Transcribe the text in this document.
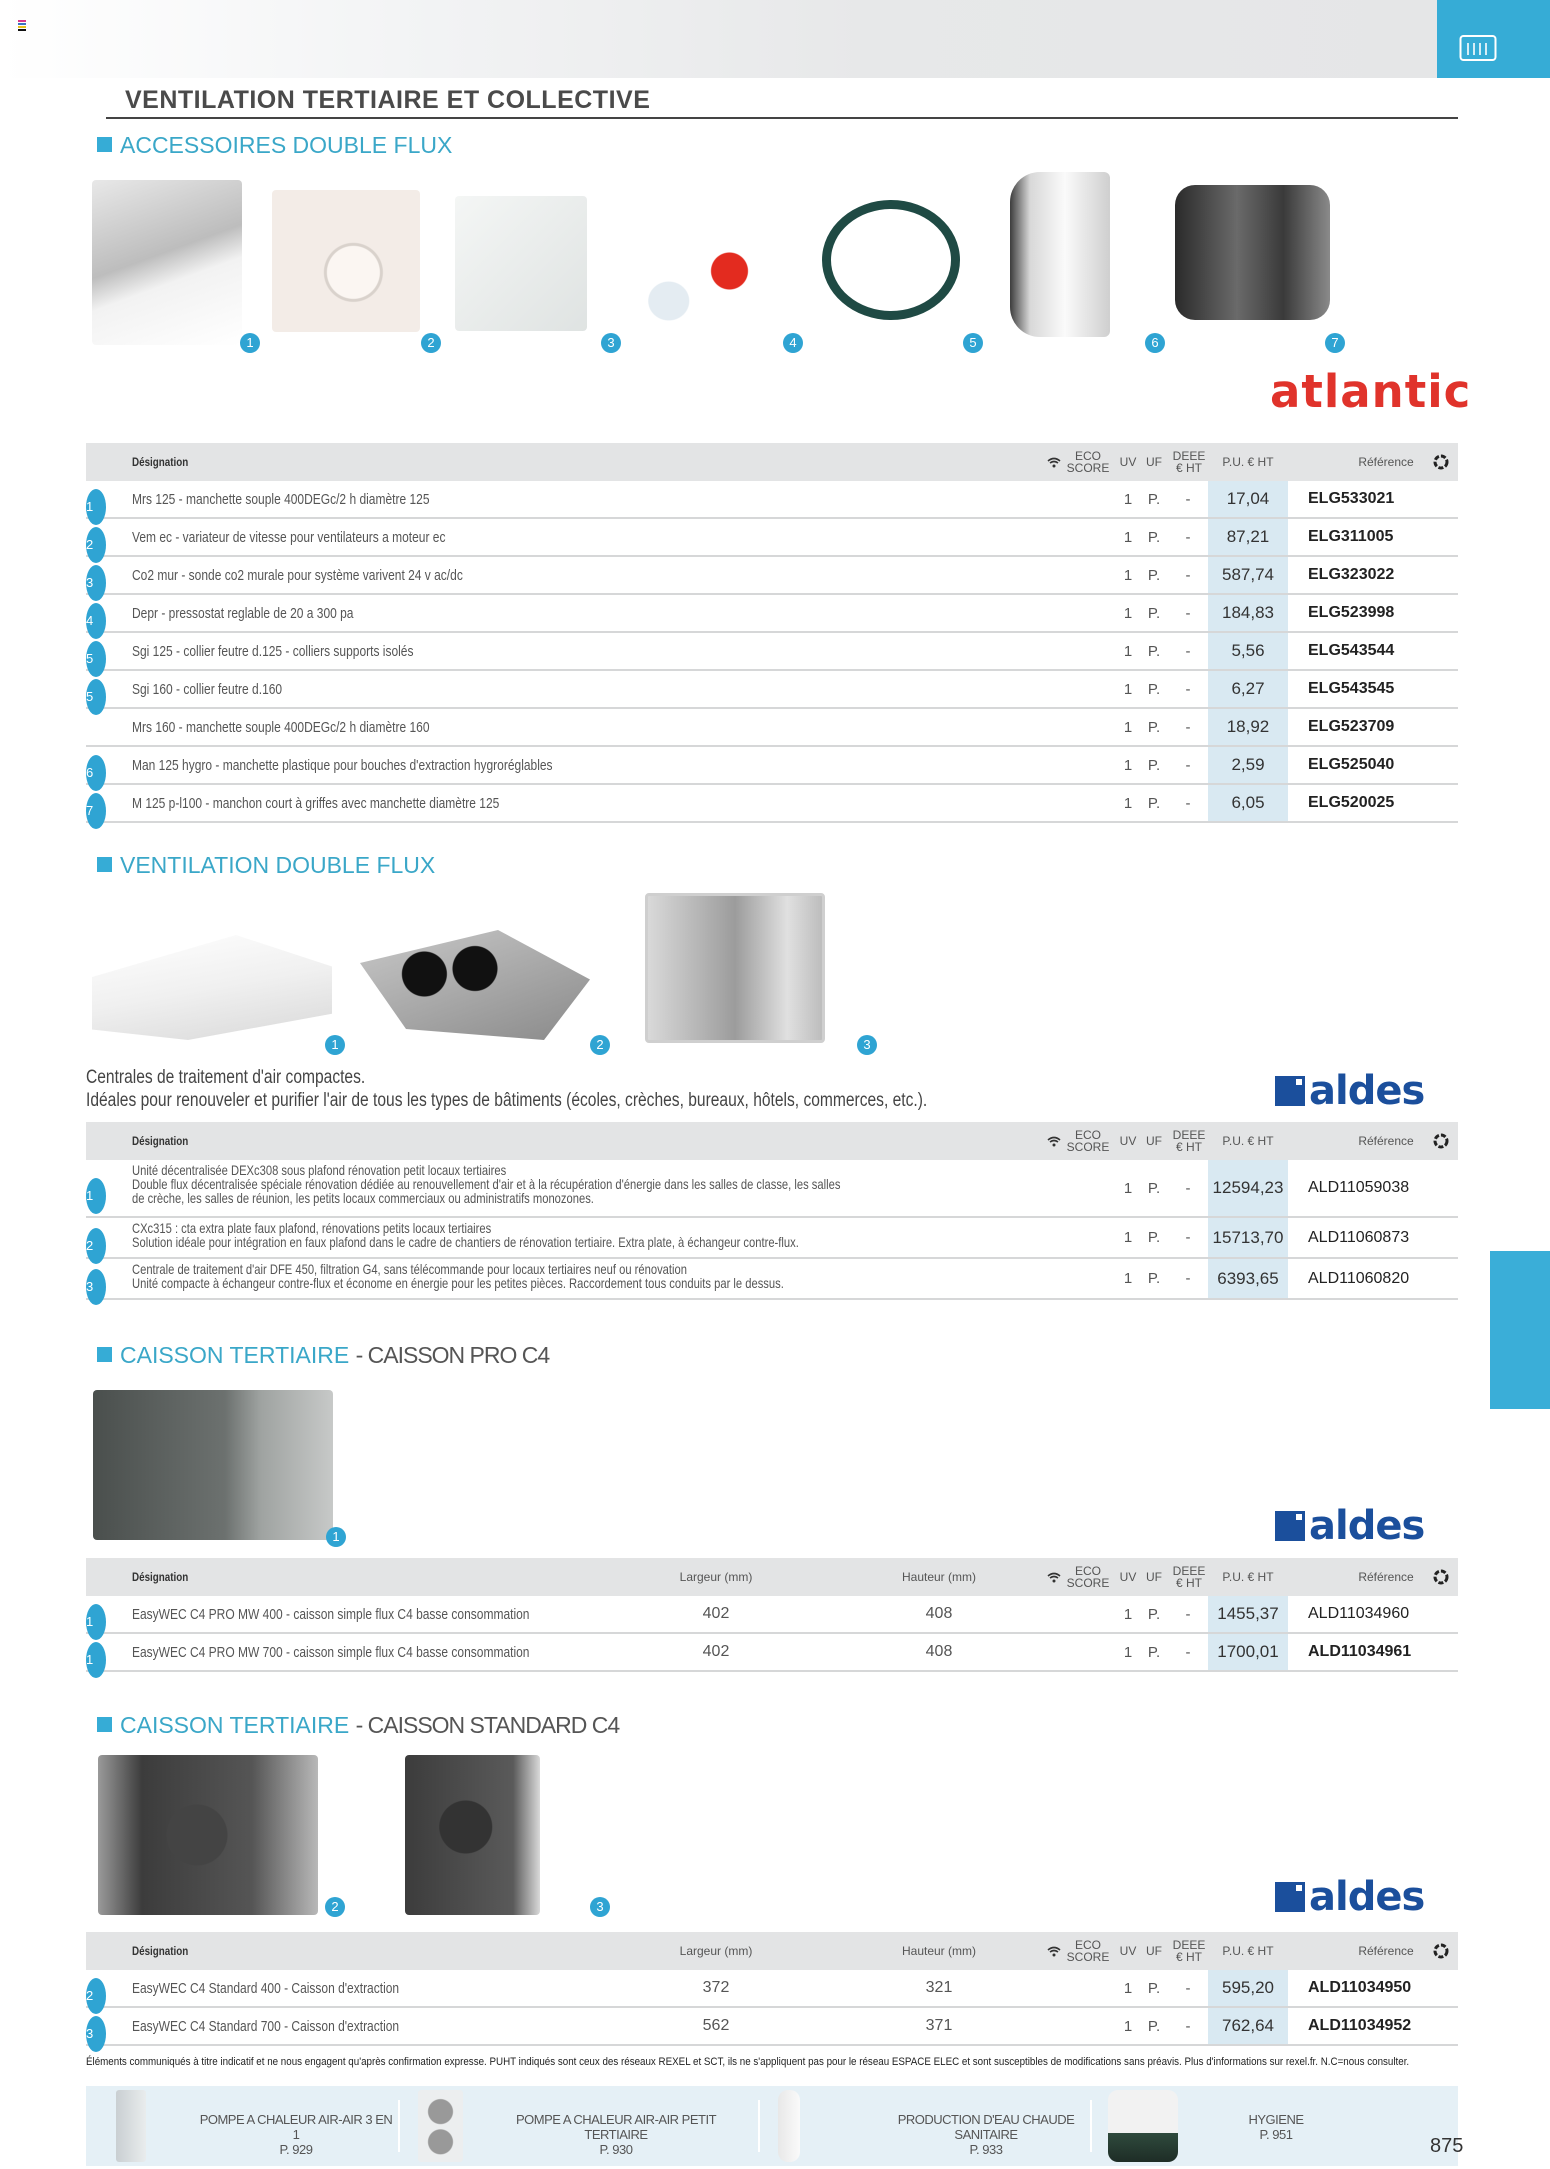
VENTILATION TERTIAIRE ET COLLECTIVE
ACCESSOIRES DOUBLE FLUX
1	2	3	4	5	6	7
atlantic
Désignation	ECO SCORE UV UF DEEE € HT	P.U. € HT	Référence
1	Mrs 125 - manchette souple 400DEGc/2 h diamètre 125	1	P.	-	17,04	ELG533021
2	Vem ec - variateur de vitesse pour ventilateurs a moteur ec	1	P.	-	87,21	ELG311005
3	Co2 mur - sonde co2 murale pour système varivent 24 v ac/dc	1	P.	-	587,74	ELG323022
4	Depr - pressostat reglable de 20 a 300 pa	1	P.	-	184,83	ELG523998
5	Sgi 125 - collier feutre d.125 - colliers supports isolés	1	P.	-	5,56	ELG543544
5	Sgi 160 - collier feutre d.160	1	P.	-	6,27	ELG543545
Mrs 160 - manchette souple 400DEGc/2 h diamètre 160	1	P.	-	18,92	ELG523709
6	Man 125 hygro - manchette plastique pour bouches d'extraction hygroréglables	1	P.	-	2,59	ELG525040
7	M 125 p-l100 - manchon court à griffes avec manchette diamètre 125	1	P.	-	6,05	ELG520025
VENTILATION DOUBLE FLUX
1	2	3
Centrales de traitement d'air compactes.
Idéales pour renouveler et purifier l'air de tous les types de bâtiments (écoles, crèches, bureaux, hôtels, commerces, etc.).	aldes
Désignation	ECO SCORE UV UF DEEE € HT	P.U. € HT	Référence
1
Unité décentralisée DEXc308 sous plafond rénovation petit locaux tertiaires
Double flux décentralisée spéciale rénovation dédiée au renouvellement d'air et à la récupération d'énergie dans les salles de classe, les salles de crèche, les salles de réunion, les petits locaux commerciaux ou administratifs monozones.
1	P.	-	12594,23	ALD11059038
2
CXc315 : cta extra plate faux plafond, rénovations petits locaux tertiaires
Solution idéale pour intégration en faux plafond dans le cadre de chantiers de rénovation tertiaire. Extra plate, à échangeur contre-flux.	1	P.	-	15713,70	ALD11060873
3
Centrale de traitement d'air DFE 450, filtration G4, sans télécommande pour locaux tertiaires neuf ou rénovation
Unité compacte à échangeur contre-flux et économe en énergie pour les petites pièces. Raccordement tous conduits par le dessus.	1	P.	-	6393,65	ALD11060820
CAISSON TERTIAIRE - CAISSON PRO C4
1	aldes
Désignation	Largeur (mm)	Hauteur (mm)	ECO SCORE UV UF DEEE € HT	P.U. € HT	Référence
1	EasyWEC C4 PRO MW 400 - caisson simple flux C4 basse consommation	402	408	1	P.	-	1455,37	ALD11034960
1	EasyWEC C4 PRO MW 700 - caisson simple flux C4 basse consommation	402	408	1	P.	-	1700,01	ALD11034961
CAISSON TERTIAIRE - CAISSON STANDARD C4
2	3	aldes
Désignation	Largeur (mm)	Hauteur (mm)	ECO SCORE UV UF DEEE € HT	P.U. € HT	Référence
2	EasyWEC C4 Standard 400 - Caisson d'extraction	372	321	1	P.	-	595,20	ALD11034950
3	EasyWEC C4 Standard 700 - Caisson d'extraction	562	371	1	P.	-	762,64	ALD11034952
Éléments communiqués à titre indicatif et ne nous engagent qu'après confirmation expresse. PUHT indiqués sont ceux des réseaux REXEL et SCT, ils ne s'appliquent pas pour le réseau ESPACE ELEC et sont susceptibles de modifications sans préavis. Plus d'informations sur rexel.fr. N.C=nous consulter.
POMPE A CHALEUR AIR-AIR 3 EN 1
P. 929
POMPE A CHALEUR AIR-AIR PETIT TERTIAIRE
P. 930
PRODUCTION D'EAU CHAUDE SANITAIRE
P. 933
HYGIENE
P. 951
875
